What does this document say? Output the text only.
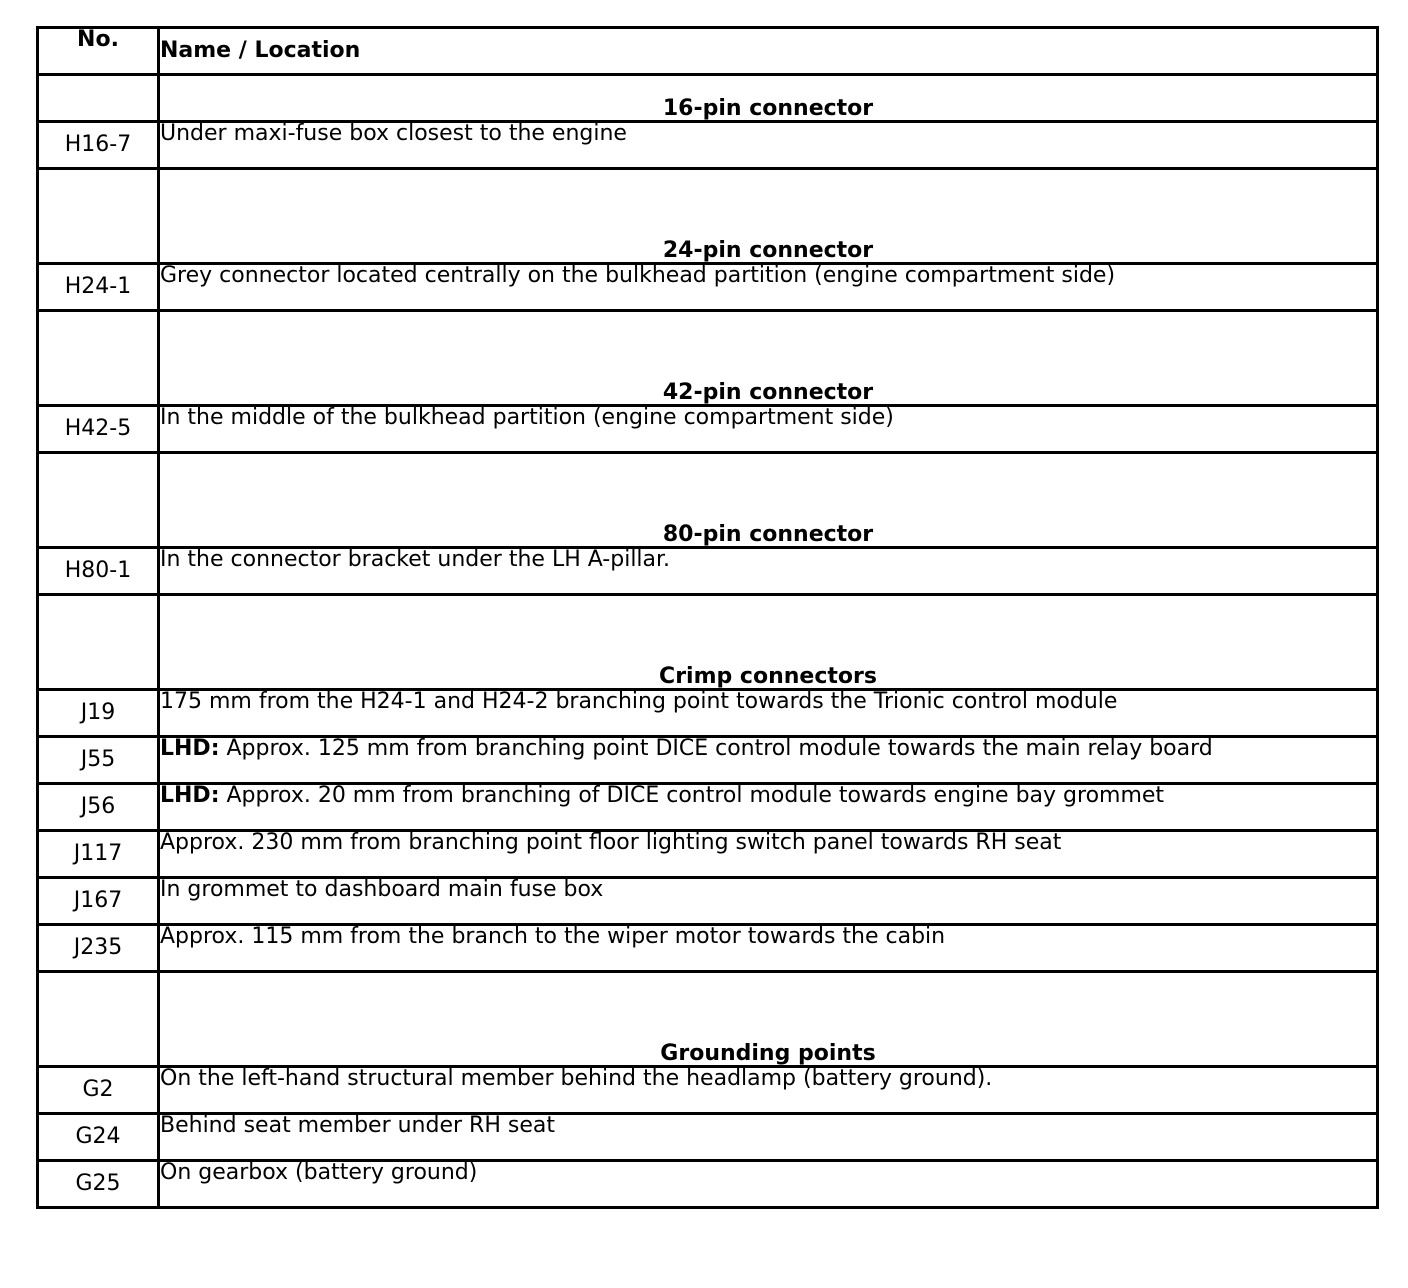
No.	Name / Location
	16-pin connector
H16-7	Under maxi-fuse box closest to the engine
	24-pin connector
H24-1	Grey connector located centrally on the bulkhead partition (engine compartment side)
	42-pin connector
H42-5	In the middle of the bulkhead partition (engine compartment side)
	80-pin connector
H80-1	In the connector bracket under the LH A-pillar.
	Crimp connectors
J19	175 mm from the H24-1 and H24-2 branching point towards the Trionic control module
J55	LHD: Approx. 125 mm from branching point DICE control module towards the main relay board
J56	LHD: Approx. 20 mm from branching of DICE control module towards engine bay grommet
J117	Approx. 230 mm from branching point floor lighting switch panel towards RH seat
J167	In grommet to dashboard main fuse box
J235	Approx. 115 mm from the branch to the wiper motor towards the cabin
	Grounding points
G2	On the left-hand structural member behind the headlamp (battery ground).
G24	Behind seat member under RH seat
G25	On gearbox (battery ground)
